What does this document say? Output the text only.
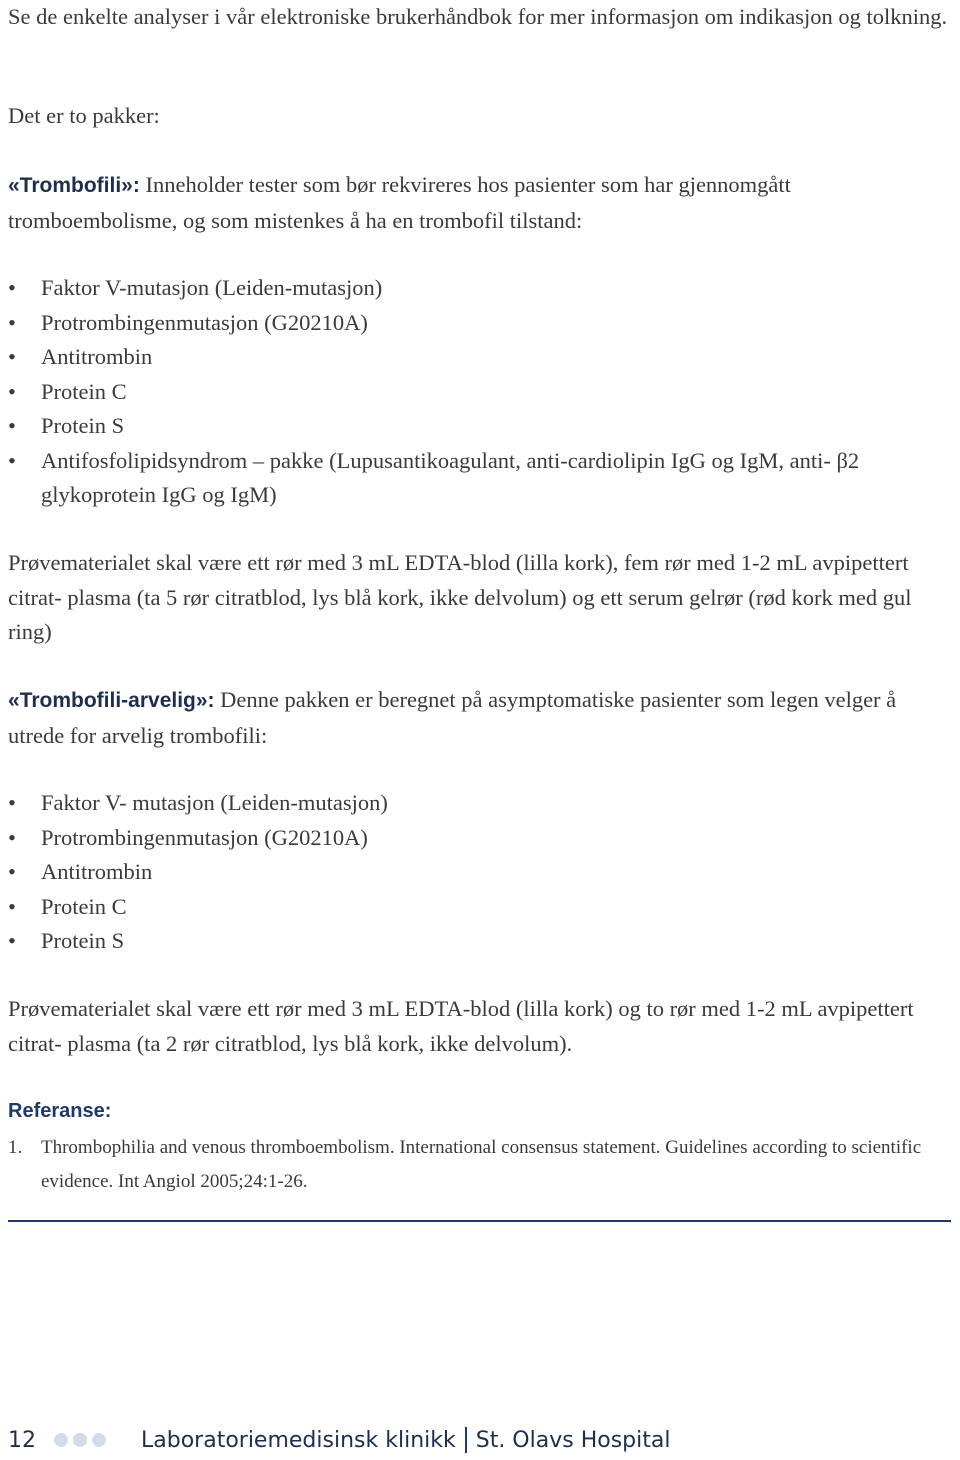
Se de enkelte analyser i vår elektroniske brukerhåndbok for mer informasjon om indikasjon og tolkning.

Det er to pakker:

«Trombofili»: Inneholder tester som bør rekvireres hos pasienter som har gjennomgått tromboembolisme, og som mistenkes å ha en trombofil tilstand:

•	Faktor V-mutasjon (Leiden-mutasjon)
•	Protrombingenmutasjon (G20210A)
•	Antitrombin
•	Protein C
•	Protein S
•	Antifosfolipidsyndrom – pakke (Lupusantikoagulant, anti-cardiolipin IgG og IgM, anti- β2 glykoprotein IgG og IgM)

Prøvematerialet skal være ett rør med 3 mL EDTA-blod (lilla kork), fem rør med 1-2 mL avpipettert citrat- plasma (ta 5 rør citratblod, lys blå kork, ikke delvolum) og ett serum gelrør (rød kork med gul ring)

«Trombofili-arvelig»: Denne pakken er beregnet på asymptomatiske pasienter som legen velger å utrede for arvelig trombofili:

•	Faktor V- mutasjon (Leiden-mutasjon)
•	Protrombingenmutasjon (G20210A)
•	Antitrombin
•	Protein C
•	Protein S

Prøvematerialet skal være ett rør med 3 mL EDTA-blod (lilla kork) og to rør med 1-2 mL avpipettert citrat- plasma (ta 2 rør citratblod, lys blå kork, ikke delvolum).

Referanse:
1. Thrombophilia and venous thromboembolism. International consensus statement. Guidelines according to scientific evidence. Int Angiol 2005;24:1-26.
12	Laboratoriemedisinsk klinikk St. Olavs Hospital
